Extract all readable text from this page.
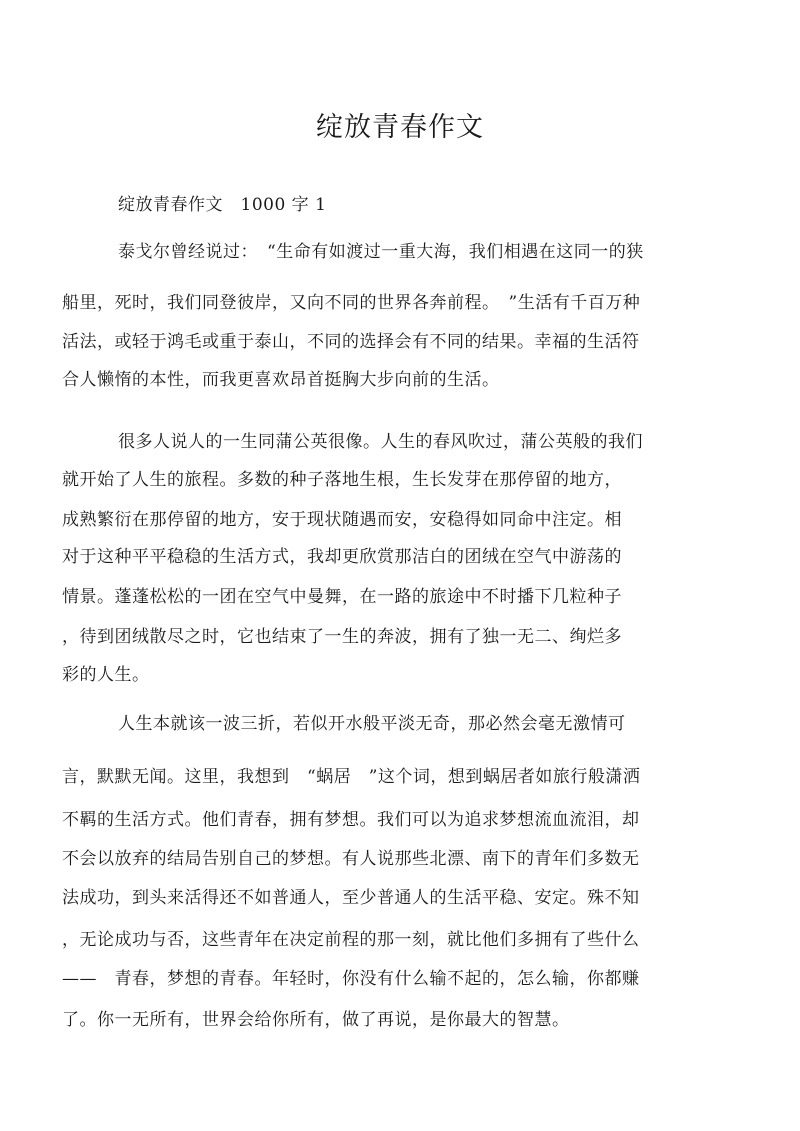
绽放青春作文
绽放青春作文　1000 字 1
泰戈尔曾经说过：　“生命有如渡过一重大海，我们相遇在这同一的狭
船里，死时，我们同登彼岸，又向不同的世界各奔前程。　”生活有千百万种
活法，或轻于鸿毛或重于泰山，不同的选择会有不同的结果。幸福的生活符
合人懒惰的本性，而我更喜欢昂首挺胸大步向前的生活。
很多人说人的一生同蒲公英很像。人生的春风吹过，蒲公英般的我们
就开始了人生的旅程。多数的种子落地生根，生长发芽在那停留的地方，
成熟繁衍在那停留的地方，安于现状随遇而安，安稳得如同命中注定。相
对于这种平平稳稳的生活方式，我却更欣赏那洁白的团绒在空气中游荡的
情景。蓬蓬松松的一团在空气中曼舞，在一路的旅途中不时播下几粒种子
，待到团绒散尽之时，它也结束了一生的奔波，拥有了独一无二、绚烂多
彩的人生。
人生本就该一波三折，若似开水般平淡无奇，那必然会毫无激情可
言，默默无闻。这里，我想到　“蜗居　”这个词，想到蜗居者如旅行般潇洒
不羁的生活方式。他们青春，拥有梦想。我们可以为追求梦想流血流泪，却
不会以放弃的结局告别自己的梦想。有人说那些北漂、南下的青年们多数无
法成功，到头来活得还不如普通人，至少普通人的生活平稳、安定。殊不知
，无论成功与否，这些青年在决定前程的那一刻，就比他们多拥有了些什么
——　青春，梦想的青春。年轻时，你没有什么输不起的，怎么输，你都赚
了。你一无所有，世界会给你所有，做了再说，是你最大的智慧。
